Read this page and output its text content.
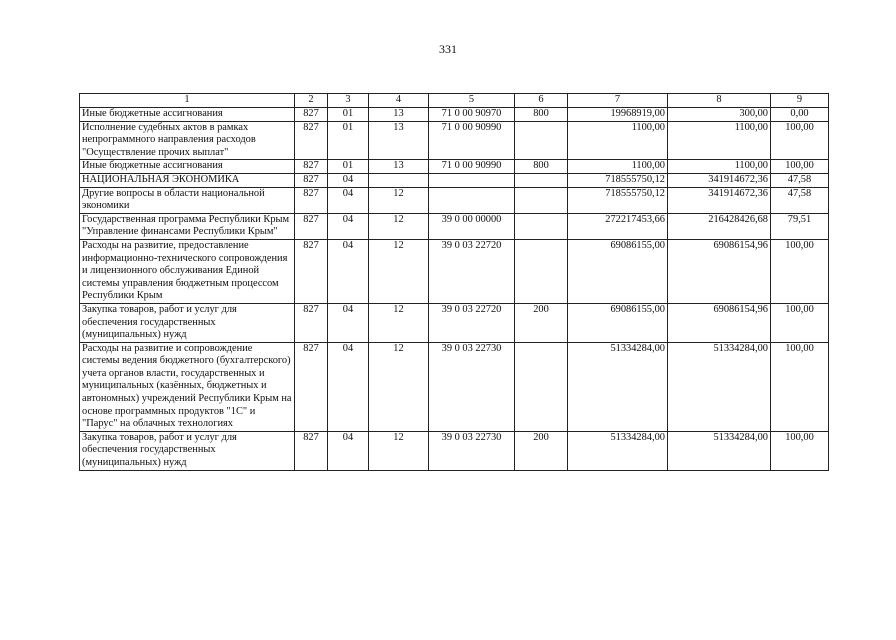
331
1	2	3	4	5	6	7	8	9
Иные бюджетные ассигнования	827	01	13	71 0 00 90970	800	19968919,00	300,00	0,00
Исполнение судебных актов в рамках непрограммного направления расходов "Осуществление прочих выплат"	827	01	13	71 0 00 90990		1100,00	1100,00	100,00
Иные бюджетные ассигнования	827	01	13	71 0 00 90990	800	1100,00	1100,00	100,00
НАЦИОНАЛЬНАЯ ЭКОНОМИКА	827	04				718555750,12	341914672,36	47,58
Другие вопросы в области национальной экономики	827	04	12			718555750,12	341914672,36	47,58
Государственная программа Республики Крым "Управление финансами Республики Крым"	827	04	12	39 0 00 00000		272217453,66	216428426,68	79,51
Расходы на развитие, предоставление информационно-технического сопровождения и лицензионного обслуживания Единой системы управления бюджетным процессом Республики Крым	827	04	12	39 0 03 22720		69086155,00	69086154,96	100,00
Закупка товаров, работ и услуг для обеспечения государственных (муниципальных) нужд	827	04	12	39 0 03 22720	200	69086155,00	69086154,96	100,00
Расходы на развитие и сопровождение системы ведения бюджетного (бухгалтерского) учета органов власти, государственных и муниципальных (казённых, бюджетных и автономных) учреждений Республики Крым на основе программных продуктов "1С" и "Парус" на облачных технологиях	827	04	12	39 0 03 22730		51334284,00	51334284,00	100,00
Закупка товаров, работ и услуг для обеспечения государственных (муниципальных) нужд	827	04	12	39 0 03 22730	200	51334284,00	51334284,00	100,00
